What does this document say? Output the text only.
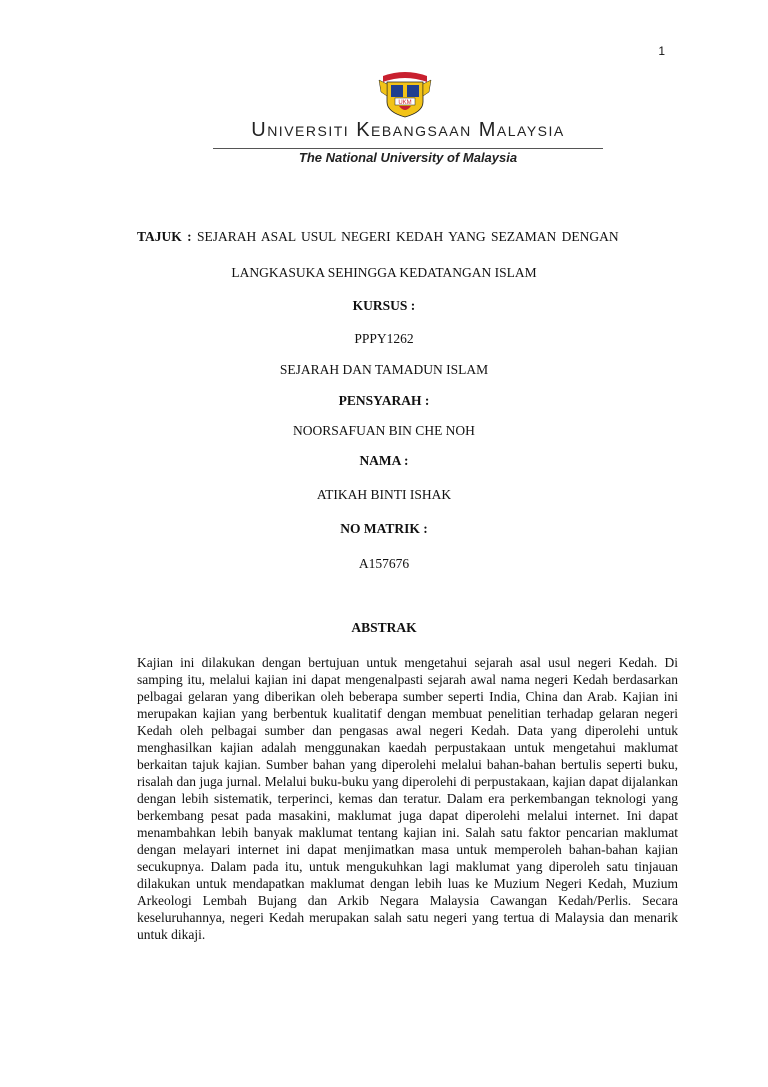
1
UKM
Universiti Kebangsaan Malaysia
The National University of Malaysia
TAJUK : SEJARAH ASAL USUL NEGERI KEDAH YANG SEZAMAN DENGAN
LANGKASUKA SEHINGGA KEDATANGAN ISLAM
KURSUS :
PPPY1262
SEJARAH DAN TAMADUN ISLAM
PENSYARAH :
NOORSAFUAN BIN CHE NOH
NAMA :
ATIKAH BINTI ISHAK
NO MATRIK :
A157676
ABSTRAK
Kajian ini dilakukan dengan bertujuan untuk mengetahui sejarah asal usul negeri Kedah. Di samping itu, melalui kajian ini dapat mengenalpasti sejarah awal nama negeri Kedah berdasarkan pelbagai gelaran yang diberikan oleh beberapa sumber seperti India, China dan Arab. Kajian ini merupakan kajian yang berbentuk kualitatif dengan membuat penelitian terhadap gelaran negeri Kedah oleh pelbagai sumber dan pengasas awal negeri Kedah. Data yang diperolehi untuk menghasilkan kajian adalah menggunakan kaedah perpustakaan untuk mengetahui maklumat berkaitan tajuk kajian. Sumber bahan yang diperolehi melalui bahan-bahan bertulis seperti buku, risalah dan juga jurnal. Melalui buku-buku yang diperolehi di perpustakaan, kajian dapat dijalankan dengan lebih sistematik, terperinci, kemas dan teratur. Dalam era perkembangan teknologi yang berkembang pesat pada masakini, maklumat juga dapat diperolehi melalui internet. Ini dapat menambahkan lebih banyak maklumat tentang kajian ini. Salah satu faktor pencarian maklumat dengan melayari internet ini dapat menjimatkan masa untuk memperoleh bahan-bahan kajian secukupnya. Dalam pada itu, untuk mengukuhkan lagi maklumat yang diperoleh satu tinjauan dilakukan untuk mendapatkan maklumat dengan lebih luas ke Muzium Negeri Kedah, Muzium Arkeologi Lembah Bujang dan Arkib Negara Malaysia Cawangan Kedah/Perlis. Secara keseluruhannya, negeri Kedah merupakan salah satu negeri yang tertua di Malaysia dan menarik untuk dikaji.
